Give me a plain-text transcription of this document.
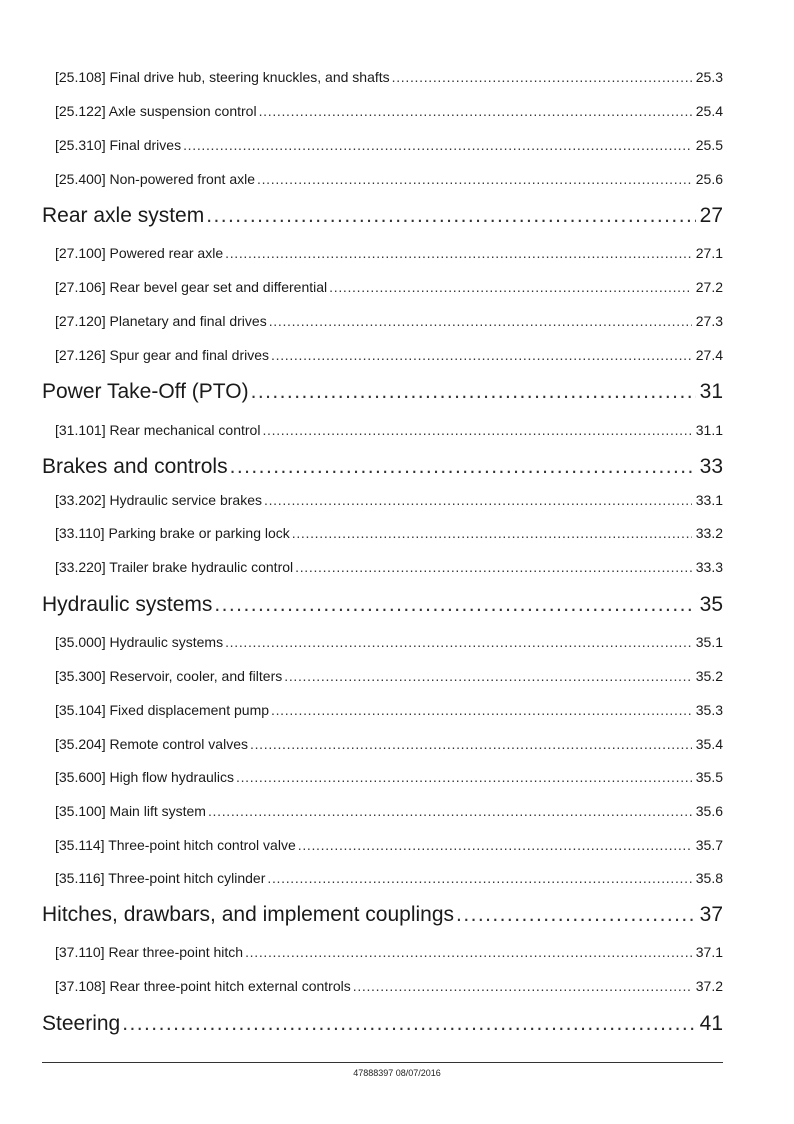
[25.108] Final drive hub, steering knuckles, and shafts . . .	25.3
[25.122] Axle suspension control . . .	25.4
[25.310] Final drives . . .	25.5
[25.400] Non-powered front axle . . .	25.6
Rear axle system . . .	27
[27.100] Powered rear axle . . .	27.1
[27.106] Rear bevel gear set and differential . . .	27.2
[27.120] Planetary and final drives . . .	27.3
[27.126] Spur gear and final drives . . .	27.4
Power Take-Off (PTO) . . .	31
[31.101] Rear mechanical control . . .	31.1
Brakes and controls . . .	33
[33.202] Hydraulic service brakes . . .	33.1
[33.110] Parking brake or parking lock . . .	33.2
[33.220] Trailer brake hydraulic control . . .	33.3
Hydraulic systems . . .	35
[35.000] Hydraulic systems . . .	35.1
[35.300] Reservoir, cooler, and filters . . .	35.2
[35.104] Fixed displacement pump . . .	35.3
[35.204] Remote control valves . . .	35.4
[35.600] High flow hydraulics . . .	35.5
[35.100] Main lift system . . .	35.6
[35.114] Three-point hitch control valve . . .	35.7
[35.116] Three-point hitch cylinder . . .	35.8
Hitches, drawbars, and implement couplings . . .	37
[37.110] Rear three-point hitch . . .	37.1
[37.108] Rear three-point hitch external controls . . .	37.2
Steering . . .	41
47888397 08/07/2016
